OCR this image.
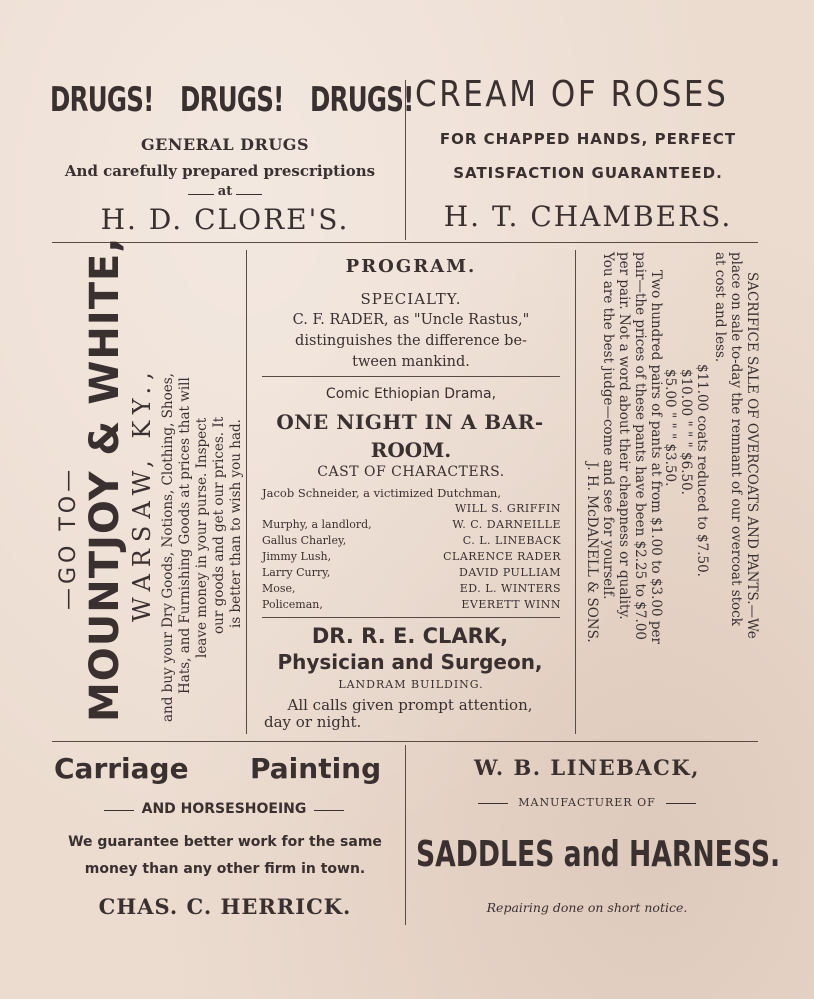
DRUGS! DRUGS! DRUGS!
GENERAL DRUGS
And carefully prepared prescriptions
at
H. D. CLORE'S.
CREAM OF ROSES
FOR CHAPPED HANDS, PERFECT
SATISFACTION GUARANTEED.
H. T. CHAMBERS.
—GO TO— MOUNTJOY & WHITE, WARSAW, KY., and buy your Dry Goods, Notions, Clothing, Shoes, Hats, and Furnishing Goods at prices that will leave money in your purse. Inspect our goods and get our prices. It is better than to wish you had.
PROGRAM.
SPECIALTY.
C. F. RADER, as "Uncle Rastus,"
distinguishes the difference be-
tween mankind.
Comic Ethiopian Drama,
ONE NIGHT IN A BAR-
ROOM.
CAST OF CHARACTERS.
Jacob Schneider, a victimized Dutchman,
WILL S. GRIFFIN
Murphy, a landlord,	W. C. DARNEILLE
Gallus Charley,	C. L. LINEBACK
Jimmy Lush,	CLARENCE RADER
Larry Curry,	DAVID PULLIAM
Mose,	ED. L. WINTERS
Policeman,	EVERETT WINN
DR. R. E. CLARK,
Physician and Surgeon,
LANDRAM BUILDING.
All calls given prompt attention,
day or night.
SACRIFICE SALE OF OVERCOATS AND PANTS.—We
place on sale to-day the remnant of our overcoat stock
at cost and less.
$11.00 coats reduced to $7.50.
$10.00 " " " $6.50.
$5.00 " " " $3.50.
Two hundred pairs of pants at from $1.00 to $3.00 per
pair—the prices of these pants have been $2.25 to $7.00
per pair. Not a word about their cheapness or quality.
You are the best judge—come and see for yourself.
J. H. McDANELL & SONS.
Carriage Painting
AND HORSESHOEING
We guarantee better work for the same
money than any other firm in town.
CHAS. C. HERRICK.
W. B. LINEBACK,
MANUFACTURER OF
SADDLES and HARNESS.
Repairing done on short notice.
